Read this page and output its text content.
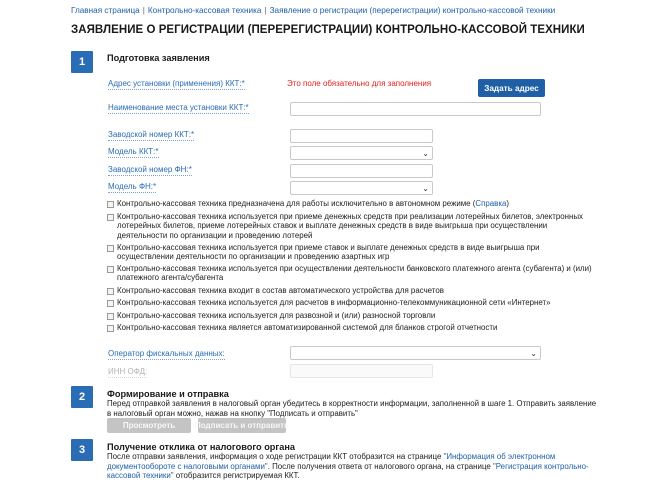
Главная страница | Контрольно-кассовая техника | Заявление о регистрации (перерегистрации) контрольно-кассовой техники
ЗАЯВЛЕНИЕ О РЕГИСТРАЦИИ (ПЕРЕРЕГИСТРАЦИИ) КОНТРОЛЬНО-КАССОВОЙ ТЕХНИКИ
1	Подготовка заявления
Адрес установки (применения) ККТ:*	Это поле обязательно для заполнения	Задать адрес
Наименование места установки ККТ:*
Заводской номер ККТ:*
Модель ККТ:*	⌄
Заводской номер ФН:*
Модель ФН:*	⌄
Контрольно-кассовая техника предназначена для работы исключительно в автономном режиме (Справка)
Контрольно-кассовая техника используется при приеме денежных средств при реализации лотерейных билетов, электронных лотерейных билетов, приеме лотерейных ставок и выплате денежных средств в виде выигрыша при осуществлении деятельности по организации и проведению лотерей
Контрольно-кассовая техника используется при приеме ставок и выплате денежных средств в виде выигрыша при осуществлении деятельности по организации и проведению азартных игр
Контрольно-кассовая техника используется при осуществлении деятельности банковского платежного агента (субагента) и (или) платежного агента/субагента
Контрольно-кассовая техника входит в состав автоматического устройства для расчетов
Контрольно-кассовая техника используется для расчетов в информационно-телекоммуникационной сети «Интернет»
Контрольно-кассовая техника используется для развозной и (или) разносной торговли
Контрольно-кассовая техника является автоматизированной системой для бланков строгой отчетности
Оператор фискальных данных:	⌄
ИНН ОФД:
2	Формирование и отправка
Перед отправкой заявления в налоговый орган убедитесь в корректности информации, заполненной в шаге 1. Отправить заявление в налоговый орган можно, нажав на кнопку "Подписать и отправить"
Просмотреть	Подписать и отправить
3	Получение отклика от налогового органа
После отправки заявления, информация о ходе регистрации ККТ отобразится на странице "Информация об электронном документообороте с налоговыми органами". После получения ответа от налогового органа, на странице "Регистрация контрольно-кассовой техники" отобразится регистрируемая ККТ.
